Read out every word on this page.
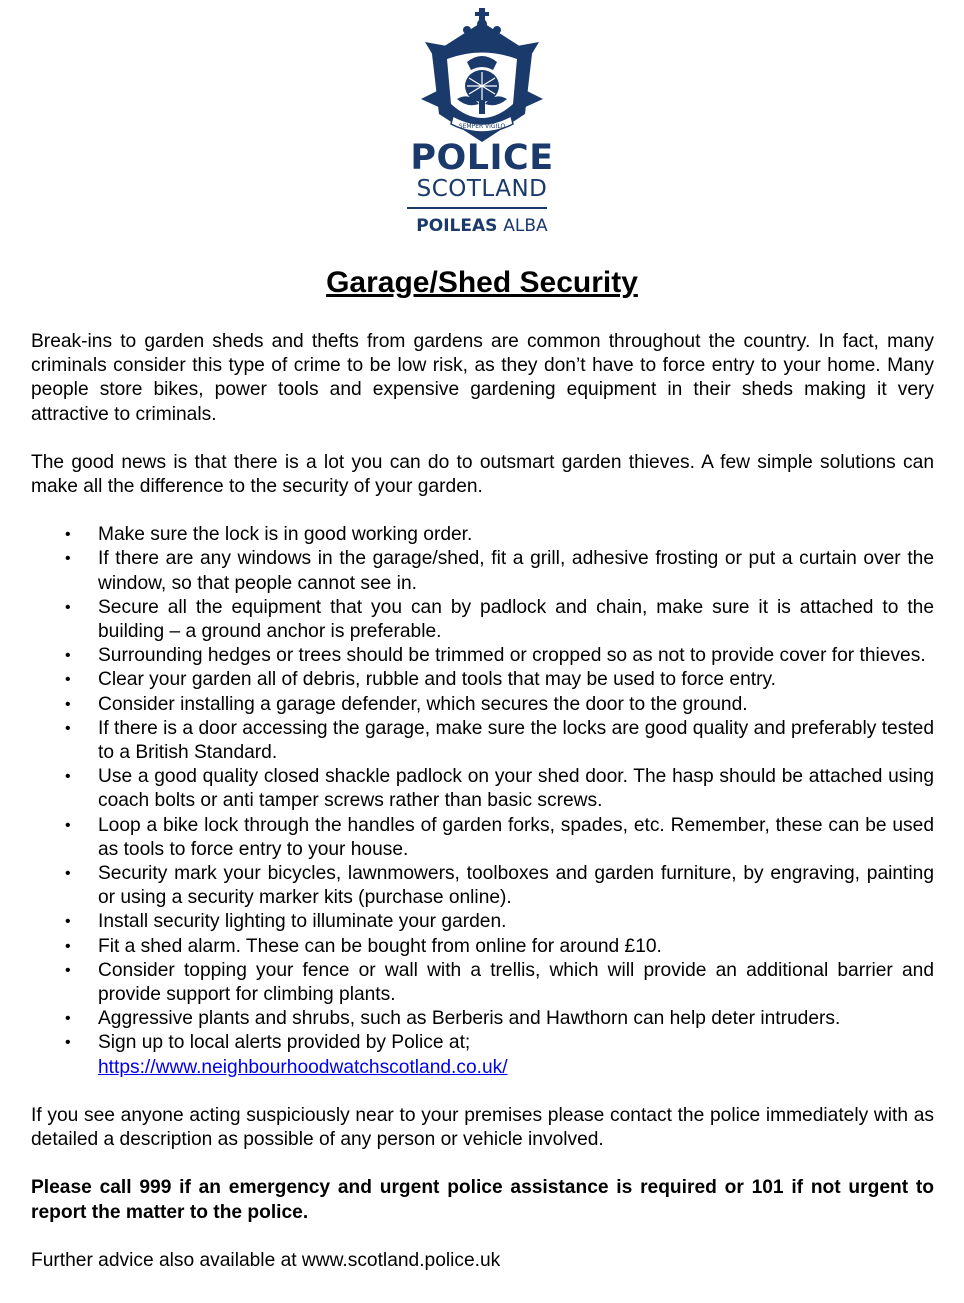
SEMPER VIGILO
POLICE
SCOTLAND
POILEAS ALBA
Garage/Shed Security

Break-ins to garden sheds and thefts from gardens are common throughout the country. In fact, many criminals consider this type of crime to be low risk, as they don’t have to force entry to your home. Many people store bikes, power tools and expensive gardening equipment in their sheds making it very attractive to criminals.

The good news is that there is a lot you can do to outsmart garden thieves. A few simple solutions can make all the difference to the security of your garden.

• Make sure the lock is in good working order.
• If there are any windows in the garage/shed, fit a grill, adhesive frosting or put a curtain over the window, so that people cannot see in.
• Secure all the equipment that you can by padlock and chain, make sure it is attached to the building – a ground anchor is preferable.
• Surrounding hedges or trees should be trimmed or cropped so as not to provide cover for thieves.
• Clear your garden all of debris, rubble and tools that may be used to force entry.
• Consider installing a garage defender, which secures the door to the ground.
• If there is a door accessing the garage, make sure the locks are good quality and preferably tested to a British Standard.
• Use a good quality closed shackle padlock on your shed door. The hasp should be attached using coach bolts or anti tamper screws rather than basic screws.
• Loop a bike lock through the handles of garden forks, spades, etc. Remember, these can be used as tools to force entry to your house.
• Security mark your bicycles, lawnmowers, toolboxes and garden furniture, by engraving, painting or using a security marker kits (purchase online).
• Install security lighting to illuminate your garden.
• Fit a shed alarm. These can be bought from online for around £10.
• Consider topping your fence or wall with a trellis, which will provide an additional barrier and provide support for climbing plants.
• Aggressive plants and shrubs, such as Berberis and Hawthorn can help deter intruders.
• Sign up to local alerts provided by Police at;
https://www.neighbourhoodwatchscotland.co.uk/

If you see anyone acting suspiciously near to your premises please contact the police immediately with as detailed a description as possible of any person or vehicle involved.

Please call 999 if an emergency and urgent police assistance is required or 101 if not urgent to report the matter to the police.

Further advice also available at www.scotland.police.uk
